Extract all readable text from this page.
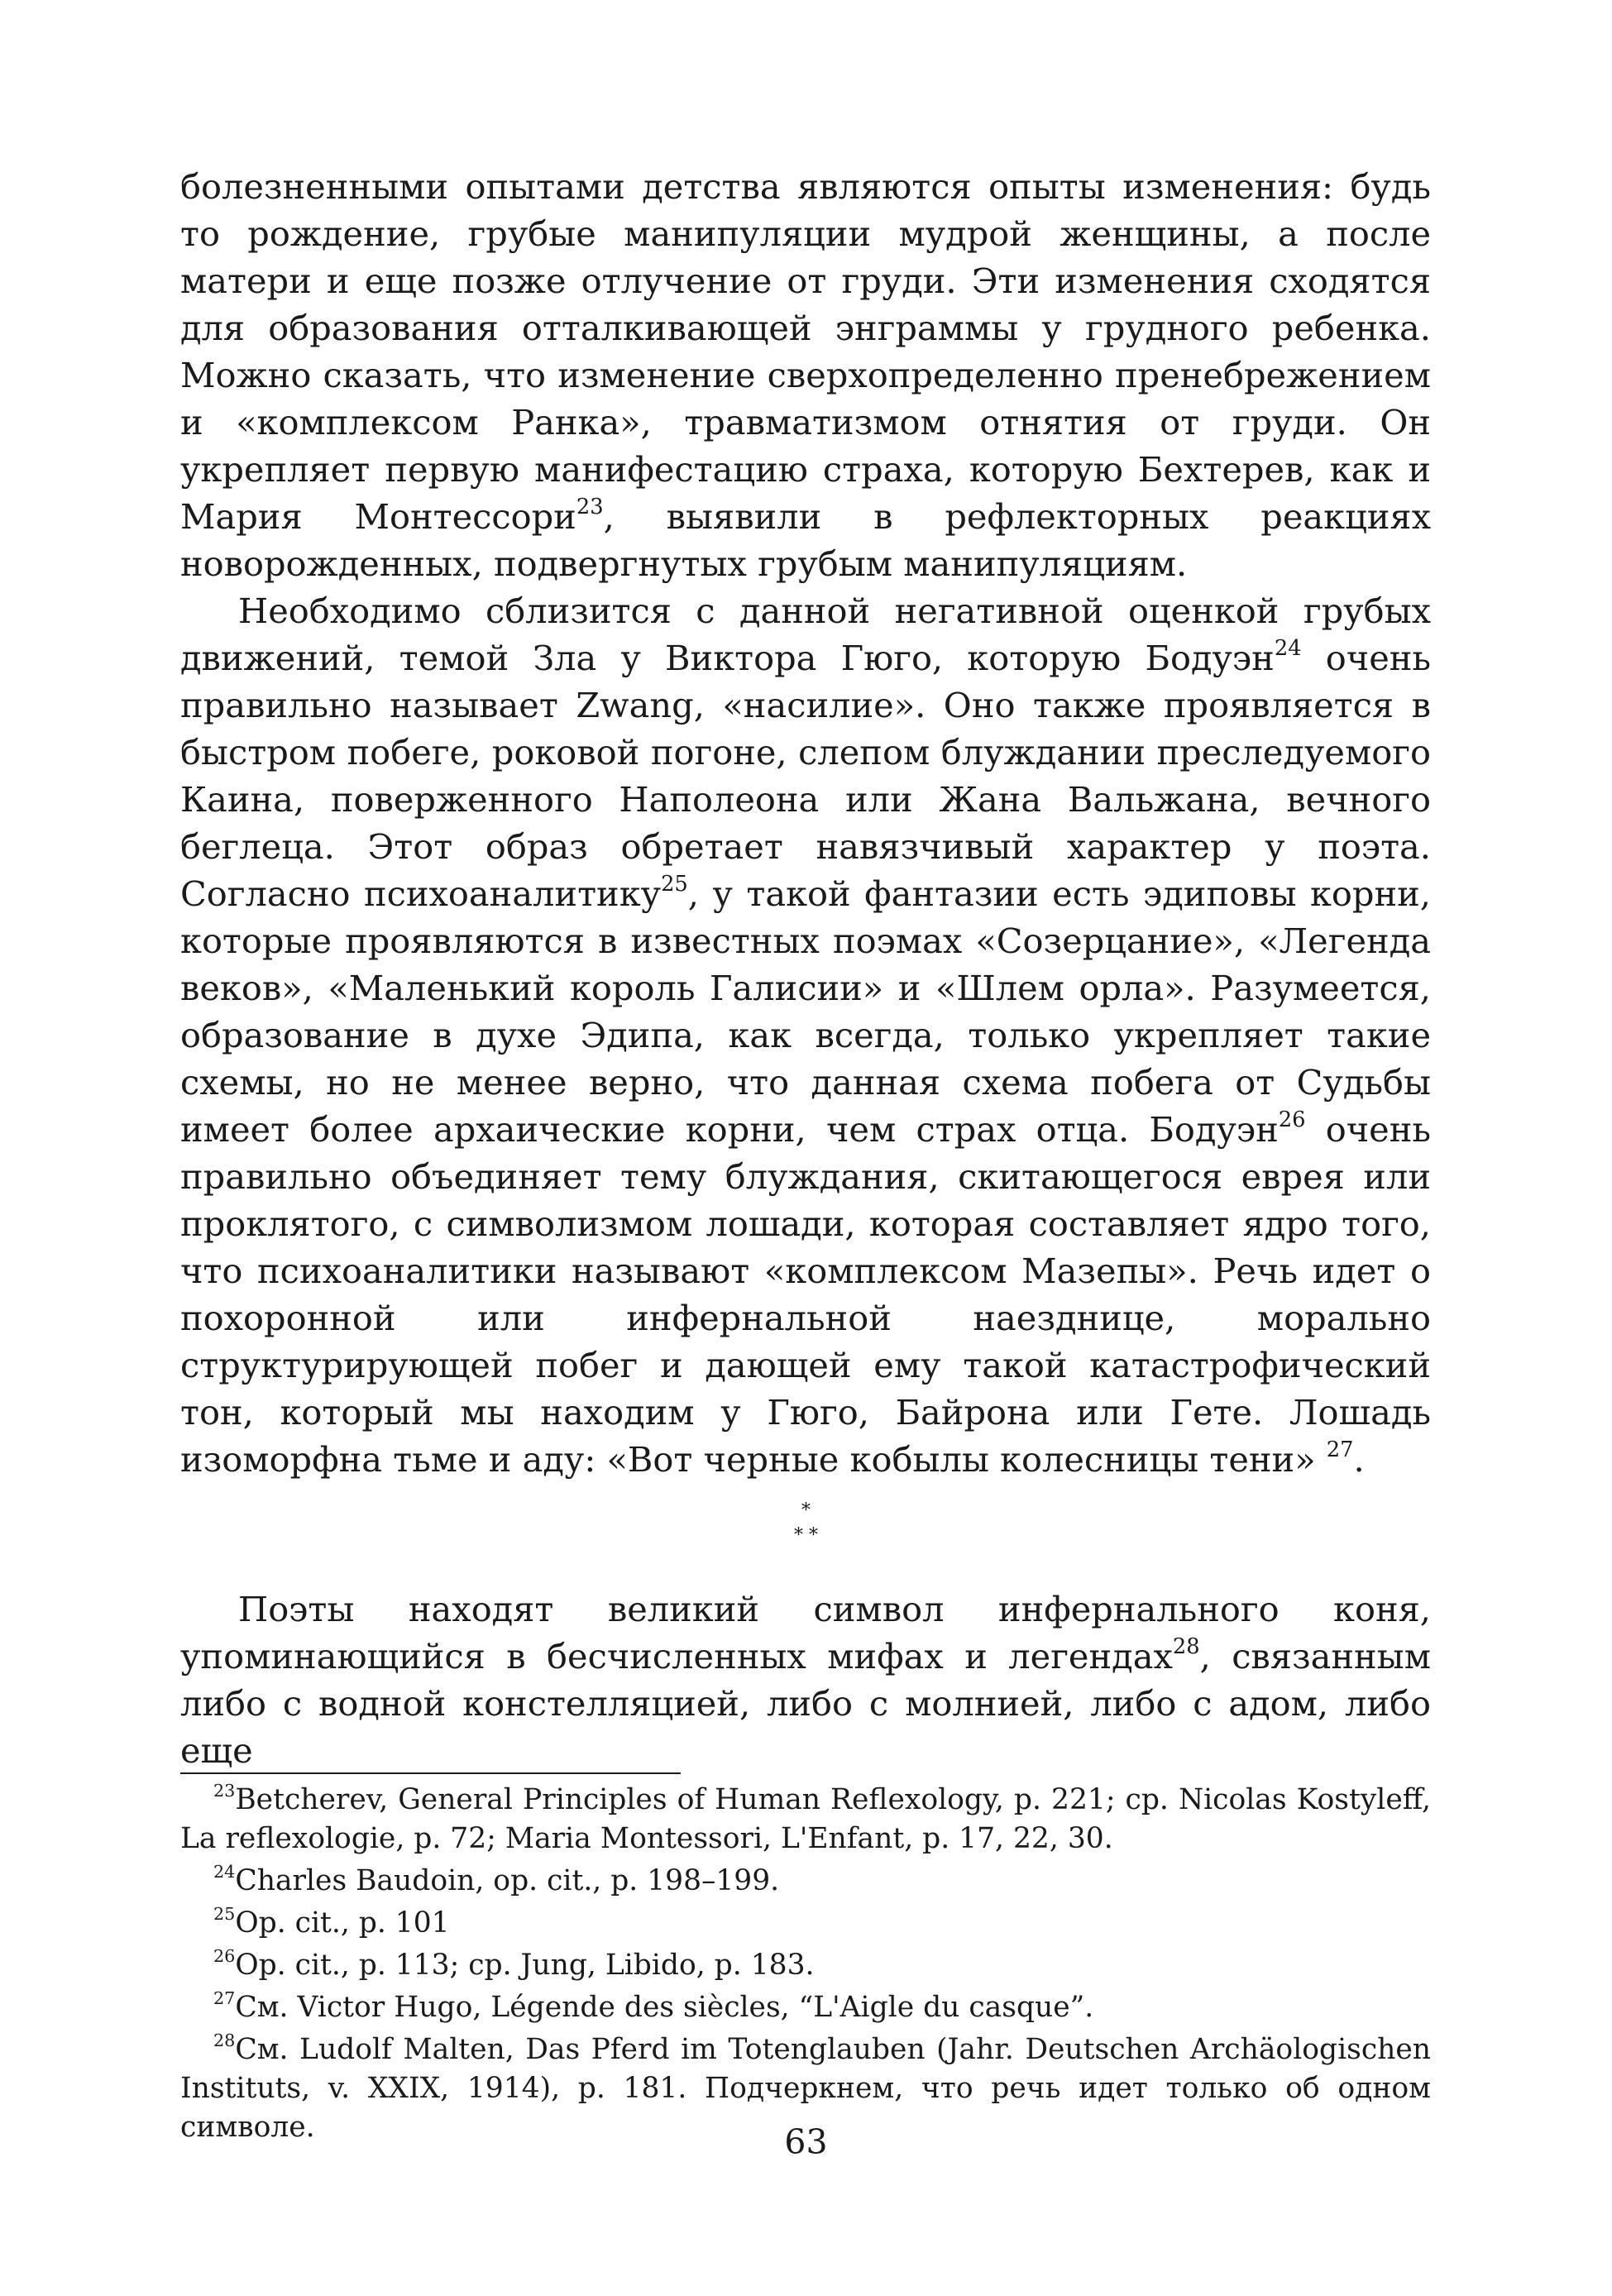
болезненными опытами детства являются опыты изменения: будь то рождение, грубые манипуляции мудрой женщины, а после матери и еще позже отлучение от груди. Эти изменения сходятся для образования отталкивающей энграммы у грудного ребенка. Можно сказать, что изменение сверхопределенно пренебрежением и «комплексом Ранка», травматизмом отнятия от груди. Он укрепляет первую манифестацию страха, которую Бехтерев, как и Мария Монтессори$^{23}$, выявили в рефлекторных реакциях новорожденных, подвергнутых грубым манипуляциям.

Необходимо сблизится с данной негативной оценкой грубых движений, темой Зла у Виктора Гюго, которую Бодуэн$^{24}$ очень правильно называет Zwang, «насилие». Оно также проявляется в быстром побеге, роковой погоне, слепом блуждании преследуемого Каина, поверженного Наполеона или Жана Вальжана, вечного беглеца. Этот образ обретает навязчивый характер у поэта. Согласно психоаналитику$^{25}$, у такой фантазии есть эдиповы корни, которые проявляются в известных поэмах «Созерцание», «Легенда веков», «Маленький король Галисии» и «Шлем орла». Разумеется, образование в духе Эдипа, как всегда, только укрепляет такие схемы, но не менее верно, что данная схема побега от Судьбы имеет более архаические корни, чем страх отца. Бодуэн$^{26}$ очень правильно объединяет тему блуждания, скитающегося еврея или проклятого, с символизмом лошади, которая составляет ядро того, что психоаналитики называют «комплексом Мазепы». Речь идет о похоронной или инфернальной наезднице, морально структурирующей побег и дающей ему такой катастрофический тон, который мы находим у Гюго, Байрона или Гете. Лошадь изоморфна тьме и аду: «Вот черные кобылы колесницы тени» $^{27}$.

*
* *

Поэты находят великий символ инфернального коня, упоминающийся в бесчисленных мифах и легендах$^{28}$, связанным либо с водной констелляцией, либо с молнией, либо с адом, либо еще

$^{23}$Betcherev, General Principles of Human Reflexology, p. 221; cp. Nicolas Kostyleff, La reflexologie, p. 72; Maria Montessori, L'Enfant, p. 17, 22, 30.

$^{24}$Charles Baudoin, op. cit., p. 198–199.

$^{25}$Op. cit., p. 101

$^{26}$Op. cit., p. 113; cp. Jung, Libido, p. 183.

$^{27}$См. Victor Hugo, Légende des siècles, “L'Aigle du casque”.

$^{28}$См. Ludolf Malten, Das Pferd im Totenglauben (Jahr. Deutschen Archäologischen Instituts, v. XXIX, 1914), p. 181. Подчеркнем, что речь идет только об одном символе.	63
